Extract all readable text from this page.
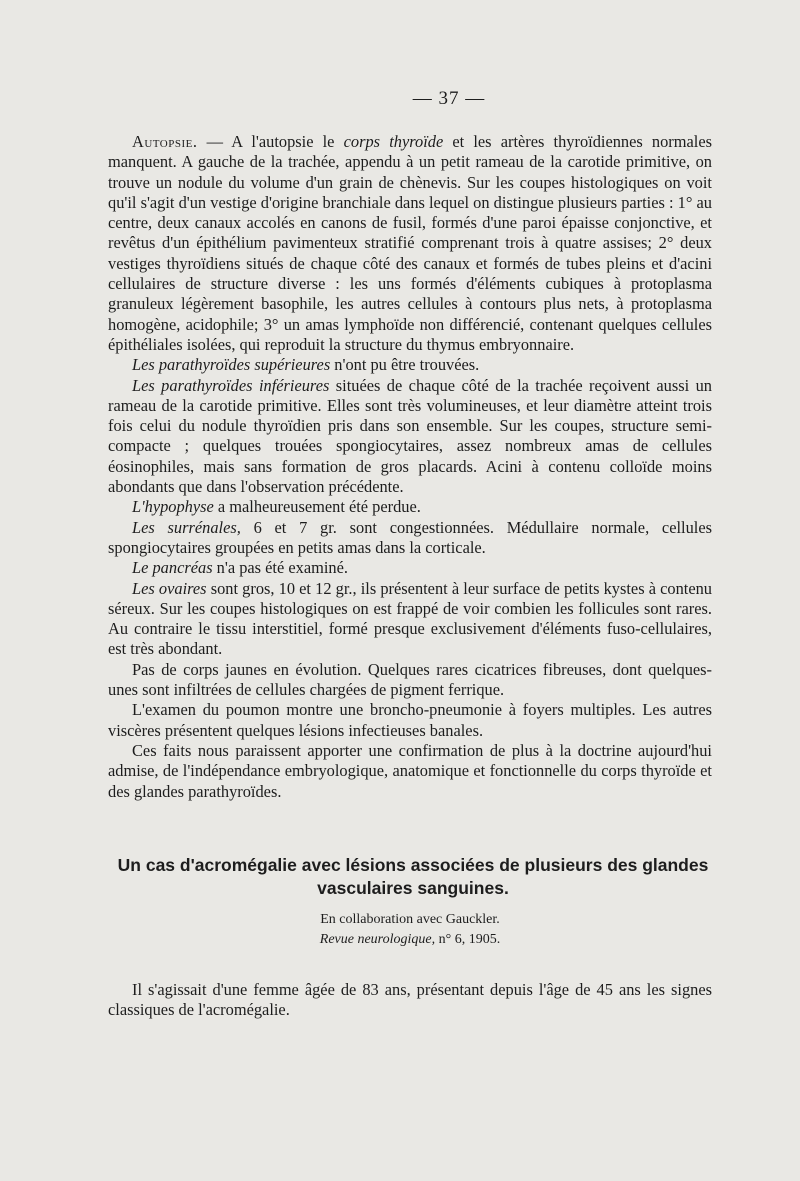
— 37 —

Autopsie. — A l'autopsie le corps thyroïde et les artères thyroïdiennes normales manquent. A gauche de la trachée, appendu à un petit rameau de la carotide primitive, on trouve un nodule du volume d'un grain de chènevis. Sur les coupes histologiques on voit qu'il s'agit d'un vestige d'origine branchiale dans lequel on distingue plusieurs parties : 1° au centre, deux canaux accolés en canons de fusil, formés d'une paroi épaisse conjonctive, et revêtus d'un épithélium pavimenteux stratifié comprenant trois à quatre assises; 2° deux vestiges thyroïdiens situés de chaque côté des canaux et formés de tubes pleins et d'acini cellulaires de structure diverse : les uns formés d'éléments cubiques à protoplasma granuleux légèrement basophile, les autres cellules à contours plus nets, à protoplasma homogène, acidophile; 3° un amas lymphoïde non différencié, contenant quelques cellules épithéliales isolées, qui reproduit la structure du thymus embryonnaire.

Les parathyroïdes supérieures n'ont pu être trouvées.

Les parathyroïdes inférieures situées de chaque côté de la trachée reçoivent aussi un rameau de la carotide primitive. Elles sont très volumineuses, et leur diamètre atteint trois fois celui du nodule thyroïdien pris dans son ensemble. Sur les coupes, structure semi-compacte ; quelques trouées spongiocytaires, assez nombreux amas de cellules éosinophiles, mais sans formation de gros placards. Acini à contenu colloïde moins abondants que dans l'observation précédente.

L'hypophyse a malheureusement été perdue.

Les surrénales, 6 et 7 gr. sont congestionnées. Médullaire normale, cellules spongiocytaires groupées en petits amas dans la corticale.

Le pancréas n'a pas été examiné.

Les ovaires sont gros, 10 et 12 gr., ils présentent à leur surface de petits kystes à contenu séreux. Sur les coupes histologiques on est frappé de voir combien les follicules sont rares. Au contraire le tissu interstitiel, formé presque exclusivement d'éléments fuso-cellulaires, est très abondant.

Pas de corps jaunes en évolution. Quelques rares cicatrices fibreuses, dont quelques-unes sont infiltrées de cellules chargées de pigment ferrique.

L'examen du poumon montre une broncho-pneumonie à foyers multiples. Les autres viscères présentent quelques lésions infectieuses banales.

Ces faits nous paraissent apporter une confirmation de plus à la doctrine aujourd'hui admise, de l'indépendance embryologique, anatomique et fonctionnelle du corps thyroïde et des glandes parathyroïdes.

Un cas d'acromégalie avec lésions associées de plusieurs des glandes vasculaires sanguines.
En collaboration avec Gauckler.
Revue neurologique, n° 6, 1905.

Il s'agissait d'une femme âgée de 83 ans, présentant depuis l'âge de 45 ans les signes classiques de l'acromégalie.
